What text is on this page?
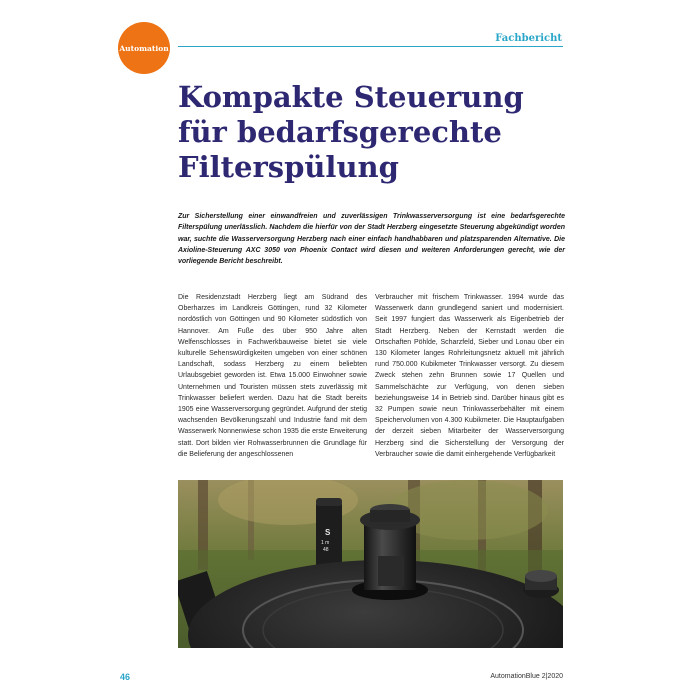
Automation
Fachbericht
Kompakte Steuerung
für bedarfsgerechte
Filterspülung

Zur Sicherstellung einer einwandfreien und zuverlässigen Trinkwasserversorgung ist eine bedarfsgerechte Filterspülung unerlässlich. Nachdem die hierfür von der Stadt Herzberg eingesetzte Steuerung abgekündigt worden war, suchte die Wasserversorgung Herzberg nach einer einfach handhabbaren und platzsparenden Alternative. Die Axioline-Steuerung AXC 3050 von Phoenix Contact wird diesen und weiteren Anforderungen gerecht, wie der vorliegende Bericht beschreibt.

Die Residenzstadt Herzberg liegt am Südrand des Oberharzes im Landkreis Göttingen, rund 32 Kilometer nordöstlich von Göttingen und 90 Kilometer südöstlich von Hannover. Am Fuße des über 950 Jahre alten Welfenschlosses in Fachwerkbauweise bietet sie viele kulturelle Sehenswürdigkeiten umgeben von einer schönen Landschaft, sodass Herzberg zu einem beliebten Urlaubsgebiet geworden ist. Etwa 15.000 Einwohner sowie Unternehmen und Touristen müssen stets zuverlässig mit Trinkwasser beliefert werden. Dazu hat die Stadt bereits 1905 eine Wasserversorgung gegründet. Aufgrund der stetig wachsenden Bevölkerungszahl und Industrie fand mit dem Wasserwerk Nonnenwiese schon 1935 die erste Erweiterung statt. Dort bilden vier Rohwasserbrunnen die Grundlage für die Belieferung der angeschlossenen

Verbraucher mit frischem Trinkwasser. 1994 wurde das Wasserwerk dann grundlegend saniert und modernisiert. Seit 1997 fungiert das Wasserwerk als Eigenbetrieb der Stadt Herzberg. Neben der Kernstadt werden die Ortschaften Pöhlde, Scharzfeld, Sieber und Lonau über ein 130 Kilometer langes Rohrleitungsnetz aktuell mit jährlich rund 750.000 Kubikmeter Trinkwasser versorgt. Zu diesem Zweck stehen zehn Brunnen sowie 17 Quellen und Sammelschächte zur Verfügung, von denen sieben beziehungsweise 14 in Betrieb sind. Darüber hinaus gibt es 32 Pumpen sowie neun Trinkwasserbehälter mit einem Speichervolumen von 4.300 Kubikmeter. Die Hauptaufgaben der derzeit sieben Mitarbeiter der Wasserversorgung Herzberg sind die Sicherstellung der Versorgung der Verbraucher sowie die damit einhergehende Verfügbarkeit

S
1 m
48
46	AutomationBlue 2|2020
